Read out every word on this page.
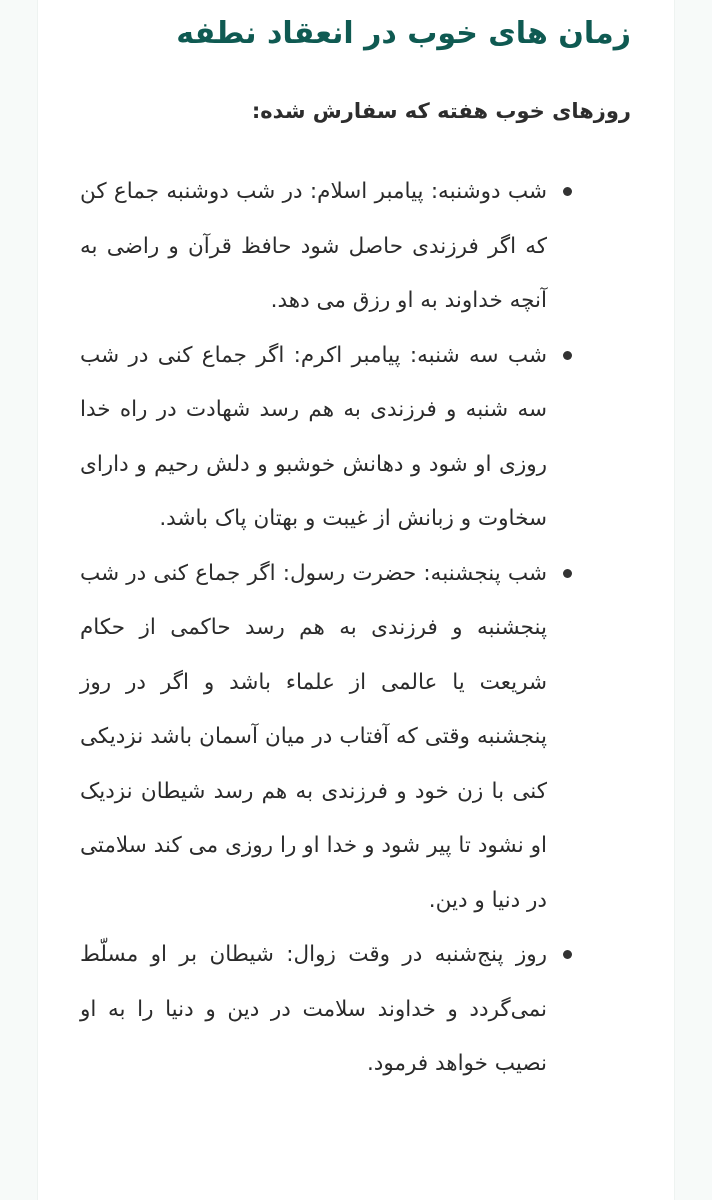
زمان های خوب در انعقاد نطفه
روزهای خوب هفته که سفارش شده:
شب دوشنبه: پیامبر اسلام: در شب دوشنبه جماع کن که اگر فرزندی حاصل شود حافظ قرآن و راضی به آنچه خداوند به او رزق می دهد.
شب سه شنبه: پیامبر اکرم: اگر جماع کنی در شب سه شنبه و فرزندی به هم رسد شهادت در راه خدا روزی او شود و دهانش خوشبو و دلش رحیم و دارای سخاوت و زبانش از غیبت و بهتان پاک باشد.
شب پنجشنبه: حضرت رسول: اگر جماع کنی در شب پنجشنبه و فرزندی به هم رسد حاکمی از حکام شریعت یا عالمی از علماء باشد و اگر در روز پنجشنبه وقتی که آفتاب در میان آسمان باشد نزدیکی کنی با زن خود و فرزندی به هم رسد شیطان نزدیک او نشود تا پیر شود و خدا او را روزی می کند سلامتی در دنیا و دین.
روز پنج‌شنبه در وقت زوال: شیطان بر او مسلّط نمی‌گردد و خداوند سلامت در دین و دنیا را به او نصیب خواهد فرمود.
